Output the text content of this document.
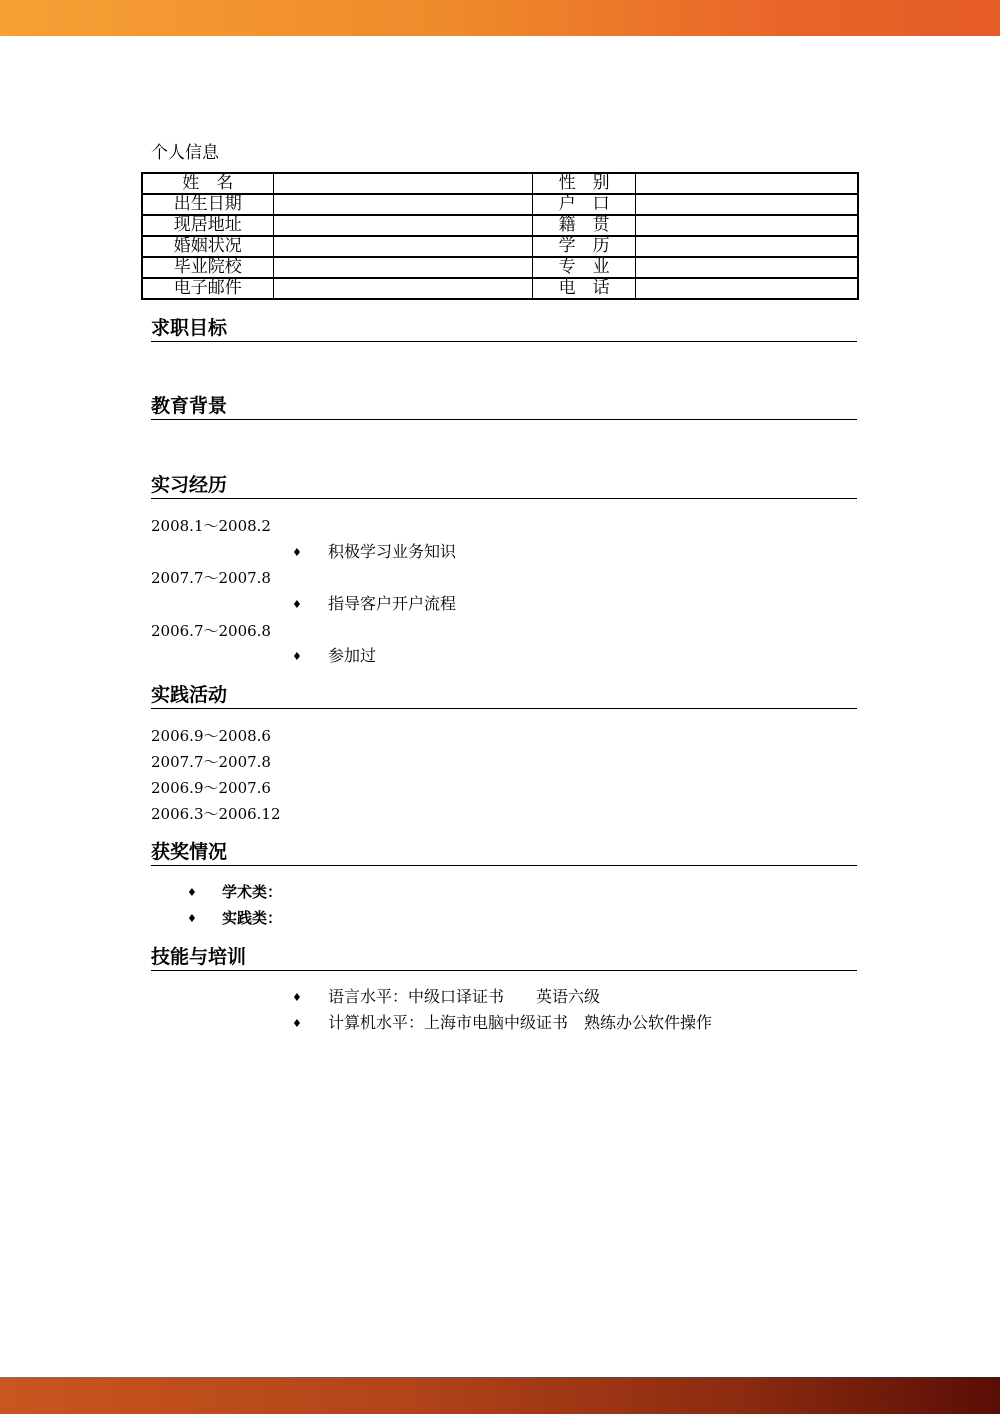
个人信息
姓　名		性　别	
出生日期		户　口	
现居地址		籍　贯	
婚姻状况		学　历	
毕业院校		专　业	
电子邮件		电　话	
求职目标
教育背景
实习经历
2008.1～2008.2
♦ 积极学习业务知识
2007.7～2007.8
♦ 指导客户开户流程
2006.7～2006.8
♦ 参加过
实践活动
2006.9～2008.6
2007.7～2007.8
2006.9～2007.6
2006.3～2006.12
获奖情况
♦ 学术类：
♦ 实践类：
技能与培训
♦ 语言水平：中级口译证书　　英语六级
♦ 计算机水平：上海市电脑中级证书　熟练办公软件操作
